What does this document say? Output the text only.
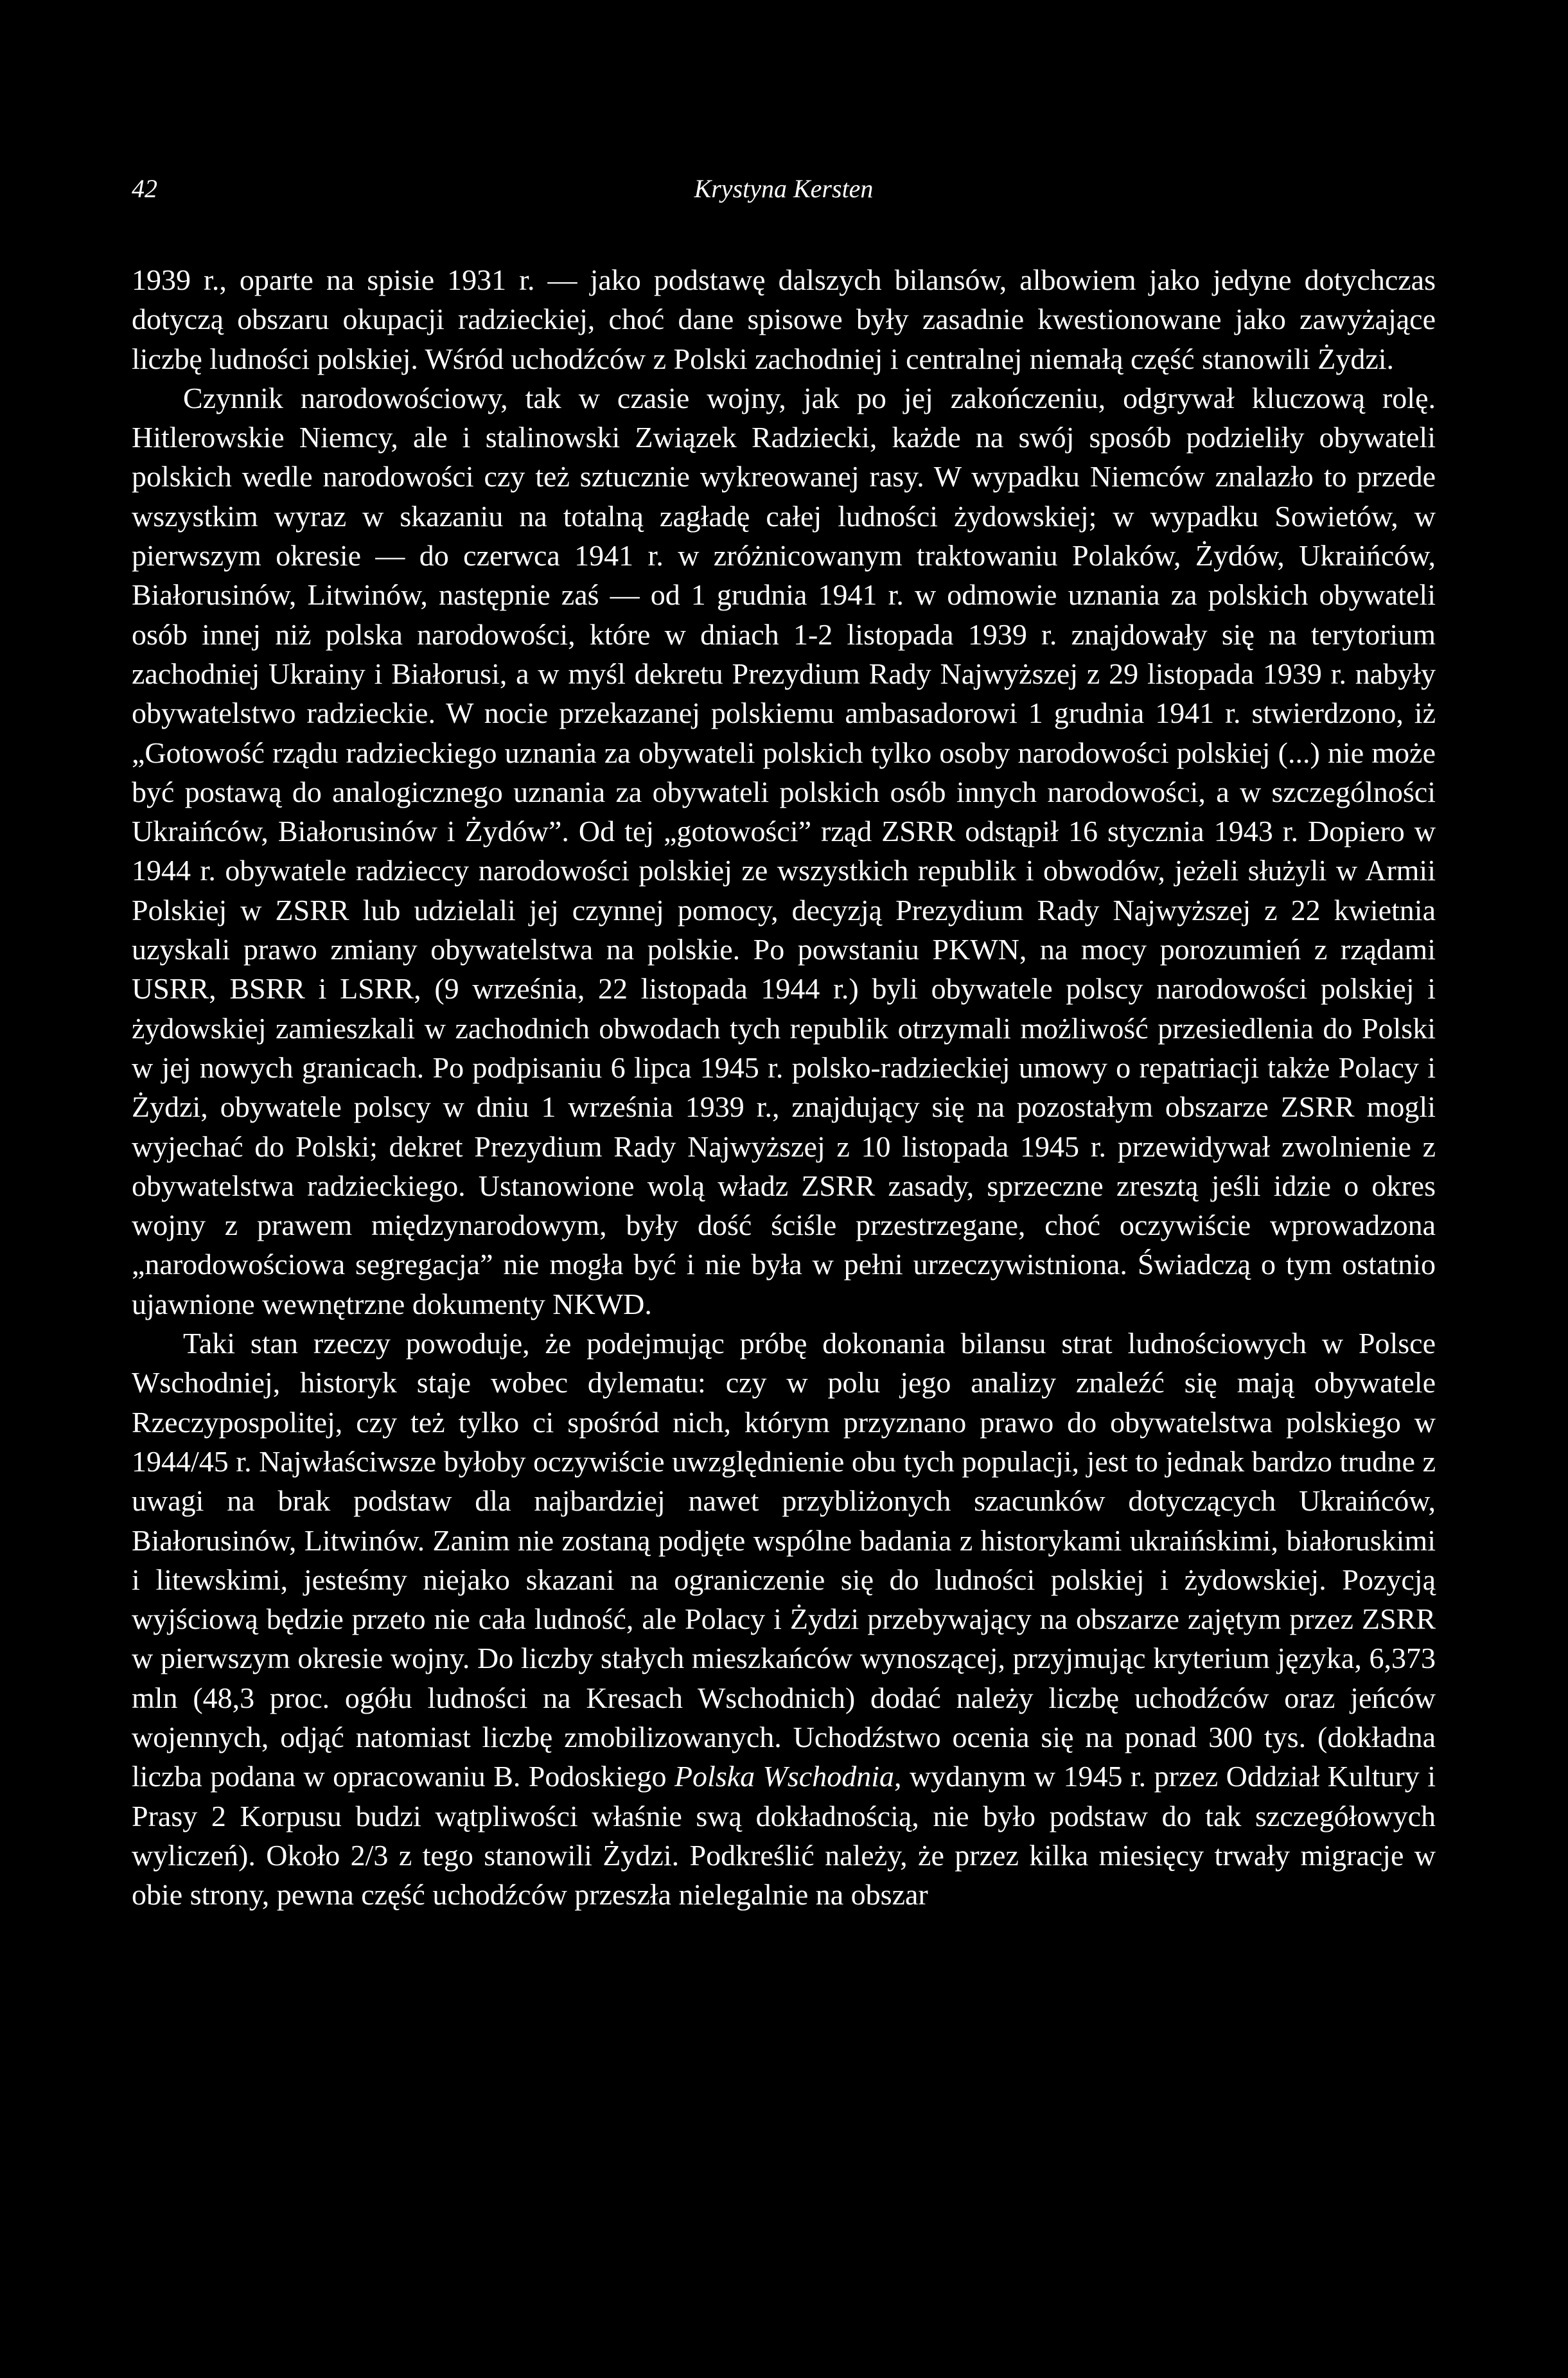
42	Krystyna Kersten

1939 r., oparte na spisie 1931 r. — jako podstawę dalszych bilansów, albowiem jako jedyne dotychczas dotyczą obszaru okupacji radzieckiej, choć dane spisowe były zasadnie kwestionowane jako zawyżające liczbę ludności polskiej. Wśród uchodźców z Polski zachodniej i centralnej niemałą część stanowili Żydzi.

Czynnik narodowościowy, tak w czasie wojny, jak po jej zakończeniu, odgrywał kluczową rolę. Hitlerowskie Niemcy, ale i stalinowski Związek Radziecki, każde na swój sposób podzieliły obywateli polskich wedle narodowości czy też sztucznie wykreowanej rasy. W wypadku Niemców znalazło to przede wszystkim wyraz w skazaniu na totalną zagładę całej ludności żydowskiej; w wypadku Sowietów, w pierwszym okresie — do czerwca 1941 r. w zróżnicowanym traktowaniu Polaków, Żydów, Ukraińców, Białorusinów, Litwinów, następnie zaś — od 1 grudnia 1941 r. w odmowie uznania za polskich obywateli osób innej niż polska narodowości, które w dniach 1-2 listopada 1939 r. znajdowały się na terytorium zachodniej Ukrainy i Białorusi, a w myśl dekretu Prezydium Rady Najwyższej z 29 listopada 1939 r. nabyły obywatelstwo radzieckie. W nocie przekazanej polskiemu ambasadorowi 1 grudnia 1941 r. stwierdzono, iż „Gotowość rządu radzieckiego uznania za obywateli polskich tylko osoby narodowości polskiej (...) nie może być postawą do analogicznego uznania za obywateli polskich osób innych narodowości, a w szczególności Ukraińców, Białorusinów i Żydów”. Od tej „gotowości” rząd ZSRR odstąpił 16 stycznia 1943 r. Dopiero w 1944 r. obywatele radzieccy narodowości polskiej ze wszystkich republik i obwodów, jeżeli służyli w Armii Polskiej w ZSRR lub udzielali jej czynnej pomocy, decyzją Prezydium Rady Najwyższej z 22 kwietnia uzyskali prawo zmiany obywatelstwa na polskie. Po powstaniu PKWN, na mocy porozumień z rządami USRR, BSRR i LSRR, (9 września, 22 listopada 1944 r.) byli obywatele polscy narodowości polskiej i żydowskiej zamieszkali w zachodnich obwodach tych republik otrzymali możliwość przesiedlenia do Polski w jej nowych granicach. Po podpisaniu 6 lipca 1945 r. polsko-radzieckiej umowy o repatriacji także Polacy i Żydzi, obywatele polscy w dniu 1 września 1939 r., znajdujący się na pozostałym obszarze ZSRR mogli wyjechać do Polski; dekret Prezydium Rady Najwyższej z 10 listopada 1945 r. przewidywał zwolnienie z obywatelstwa radzieckiego. Ustanowione wolą władz ZSRR zasady, sprzeczne zresztą jeśli idzie o okres wojny z prawem międzynarodowym, były dość ściśle przestrzegane, choć oczywiście wprowadzona „narodowościowa segregacja” nie mogła być i nie była w pełni urzeczywistniona. Świadczą o tym ostatnio ujawnione wewnętrzne dokumenty NKWD.

Taki stan rzeczy powoduje, że podejmując próbę dokonania bilansu strat ludnościowych w Polsce Wschodniej, historyk staje wobec dylematu: czy w polu jego analizy znaleźć się mają obywatele Rzeczypospolitej, czy też tylko ci spośród nich, którym przyznano prawo do obywatelstwa polskiego w 1944/45 r. Najwłaściwsze byłoby oczywiście uwzględnienie obu tych populacji, jest to jednak bardzo trudne z uwagi na brak podstaw dla najbardziej nawet przybliżonych szacunków dotyczących Ukraińców, Białorusinów, Litwinów. Zanim nie zostaną podjęte wspólne badania z historykami ukraińskimi, białoruskimi i litewskimi, jesteśmy niejako skazani na ograniczenie się do ludności polskiej i żydowskiej. Pozycją wyjściową będzie przeto nie cała ludność, ale Polacy i Żydzi przebywający na obszarze zajętym przez ZSRR w pierwszym okresie wojny. Do liczby stałych mieszkańców wynoszącej, przyjmując kryterium języka, 6,373 mln (48,3 proc. ogółu ludności na Kresach Wschodnich) dodać należy liczbę uchodźców oraz jeńców wojennych, odjąć natomiast liczbę zmobilizowanych. Uchodźstwo ocenia się na ponad 300 tys. (dokładna liczba podana w opracowaniu B. Podoskiego Polska Wschodnia, wydanym w 1945 r. przez Oddział Kultury i Prasy 2 Korpusu budzi wątpliwości właśnie swą dokładnością, nie było podstaw do tak szczegółowych wyliczeń). Około 2/3 z tego stanowili Żydzi. Podkreślić należy, że przez kilka miesięcy trwały migracje w obie strony, pewna część uchodźców przeszła nielegalnie na obszar
